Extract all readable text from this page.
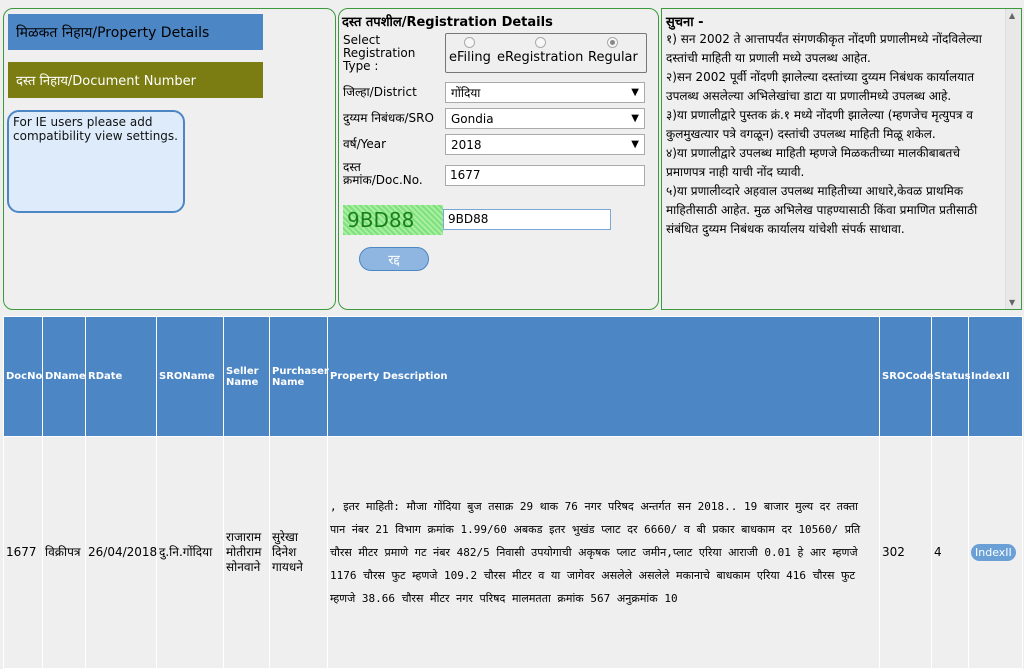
मिळकत निहाय/Property Details
दस्त निहाय/Document Number
For IE users please add compatibility view settings.
दस्त तपशील/Registration Details
Select Registration Type :
eFiling eRegistration Regular
जिल्हा/District	गोंदिया	▼
दुय्यम निबंधक/SRO Gondia	▼
वर्ष/Year	2018	▼
दस्त क्रमांक/Doc.No.	1677
9BD88	9BD88
रद्द
सुचना -
१) सन 2002 ते आत्तापर्यंत संगणकीकृत नोंदणी प्रणालीमध्ये नोंदविलेल्या दस्तांची माहिती या प्रणाली मध्ये उपलब्ध आहेत.
२)सन 2002 पूर्वी नोंदणी झालेल्या दस्तांच्या दुय्यम निबंधक कार्यालयात उपलब्ध असलेल्या अभिलेखांचा डाटा या प्रणालीमध्ये उपलब्ध आहे.
३)या प्रणालीद्वारे पुस्तक क्रं.१ मध्ये नोंदणी झालेल्या (म्हणजेच मृत्युपत्र व कुलमुखत्यार पत्रे वगळून) दस्तांची उपलब्ध माहिती मिळू शकेल.
४)या प्रणालीद्वारे उपलब्ध माहिती म्हणजे मिळकतीच्या मालकीबाबतचे प्रमाणपत्र नाही याची नोंद घ्यावी.
५)या प्रणालीव्दारे अहवाल उपलब्ध माहितीच्या आधारे,केवळ प्राथमिक माहितीसाठी आहेत. मुळ अभिलेख पाहण्यासाठी किंवा प्रमाणित प्रतीसाठी संबंधित दुय्यम निबंधक कार्यालय यांचेशी संपर्क साधावा.
▲
▼
DocNo	DName	RDate	SROName	Seller Name	Purchaser Name	Property Description	SROCode	Status	IndexII
1677	विक्रीपत्र	26/04/2018	दु.नि.गोंदिया	राजाराम मोतीराम सोनवाने	सुरेखा दिनेश गायधने	, इतर माहिती: मौजा गोंदिया बुज तसाक्र 29 थाक 76 नगर परिषद अन्तर्गत सन 2018.. 19 बाजार मुल्य दर तक्ता पान नंबर 21 विभाग क्रमांक 1.99/60 अबकड इतर भुखंड प्लाट दर 6660/ व बी प्रकार बाधकाम दर 10560/ प्रति चौरस मीटर प्रमाणे गट नंबर 482/5 निवासी उपयोगाची अकृषक प्लाट जमीन,प्लाट एरिया आराजी 0.01 हे आर म्हणजे 1176 चौरस फुट म्हणजे 109.2 चौरस मीटर व या जागेवर असलेले असलेले मकानाचे बाधकाम एरिया 416 चौरस फुट म्हणजे 38.66 चौरस मीटर नगर परिषद मालमतता क्रमांक 567 अनुक्रमांक 10	302	4	IndexII
